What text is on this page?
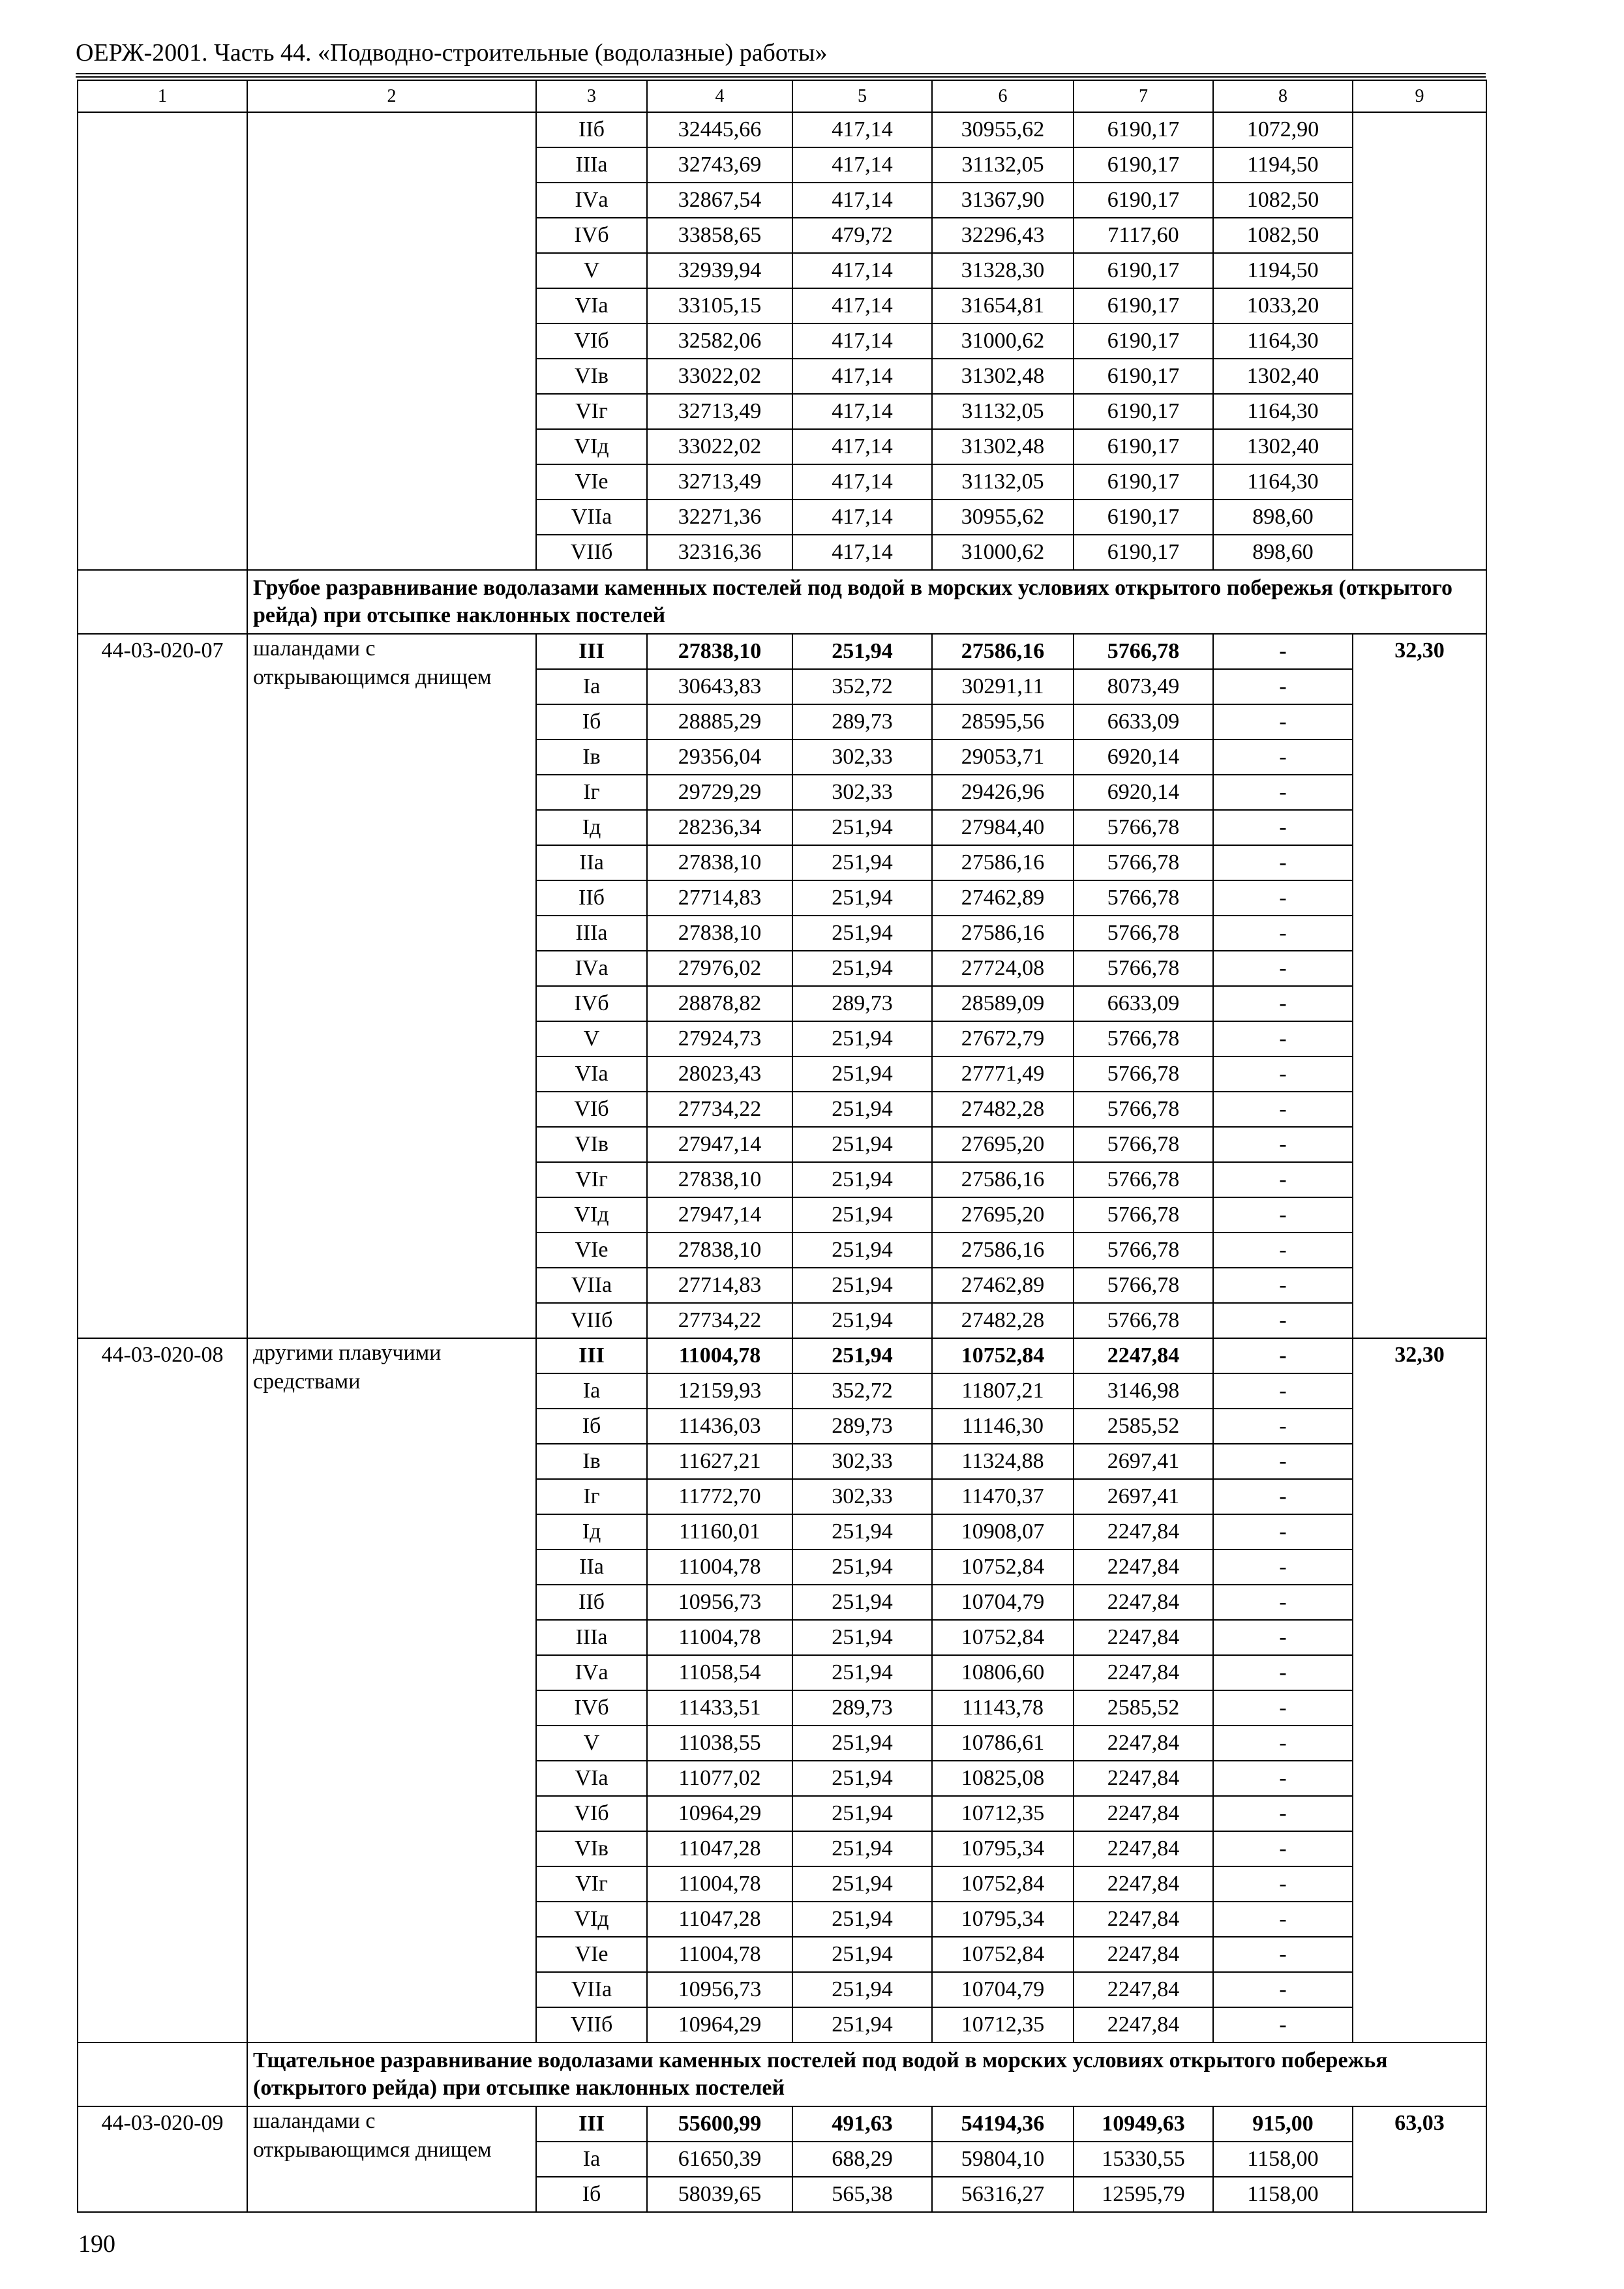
ОЕРЖ-2001. Часть 44. «Подводно-строительные (водолазные) работы»
1	2	3	4	5	6	7	8	9
		IIб	32445,66	417,14	30955,62	6190,17	1072,90	
		IIIа	32743,69	417,14	31132,05	6190,17	1194,50	
		IVа	32867,54	417,14	31367,90	6190,17	1082,50	
		IVб	33858,65	479,72	32296,43	7117,60	1082,50	
		V	32939,94	417,14	31328,30	6190,17	1194,50	
		VIа	33105,15	417,14	31654,81	6190,17	1033,20	
		VIб	32582,06	417,14	31000,62	6190,17	1164,30	
		VIв	33022,02	417,14	31302,48	6190,17	1302,40	
		VIг	32713,49	417,14	31132,05	6190,17	1164,30	
		VIд	33022,02	417,14	31302,48	6190,17	1302,40	
		VIе	32713,49	417,14	31132,05	6190,17	1164,30	
		VIIа	32271,36	417,14	30955,62	6190,17	898,60	
		VIIб	32316,36	417,14	31000,62	6190,17	898,60	
	Грубое разравнивание водолазами каменных постелей под водой в морских условиях открытого побережья (открытого рейда) при отсыпке наклонных постелей							
44-03-020-07	шаландами с открывающимся днищем	III	27838,10	251,94	27586,16	5766,78	-	32,30
		Iа	30643,83	352,72	30291,11	8073,49	-	
		Iб	28885,29	289,73	28595,56	6633,09	-	
		Iв	29356,04	302,33	29053,71	6920,14	-	
		Iг	29729,29	302,33	29426,96	6920,14	-	
		Iд	28236,34	251,94	27984,40	5766,78	-	
		IIа	27838,10	251,94	27586,16	5766,78	-	
		IIб	27714,83	251,94	27462,89	5766,78	-	
		IIIа	27838,10	251,94	27586,16	5766,78	-	
		IVа	27976,02	251,94	27724,08	5766,78	-	
		IVб	28878,82	289,73	28589,09	6633,09	-	
		V	27924,73	251,94	27672,79	5766,78	-	
		VIа	28023,43	251,94	27771,49	5766,78	-	
		VIб	27734,22	251,94	27482,28	5766,78	-	
		VIв	27947,14	251,94	27695,20	5766,78	-	
		VIг	27838,10	251,94	27586,16	5766,78	-	
		VIд	27947,14	251,94	27695,20	5766,78	-	
		VIе	27838,10	251,94	27586,16	5766,78	-	
		VIIа	27714,83	251,94	27462,89	5766,78	-	
		VIIб	27734,22	251,94	27482,28	5766,78	-	
44-03-020-08	другими плавучими средствами	III	11004,78	251,94	10752,84	2247,84	-	32,30
		Iа	12159,93	352,72	11807,21	3146,98	-	
		Iб	11436,03	289,73	11146,30	2585,52	-	
		Iв	11627,21	302,33	11324,88	2697,41	-	
		Iг	11772,70	302,33	11470,37	2697,41	-	
		Iд	11160,01	251,94	10908,07	2247,84	-	
		IIа	11004,78	251,94	10752,84	2247,84	-	
		IIб	10956,73	251,94	10704,79	2247,84	-	
		IIIа	11004,78	251,94	10752,84	2247,84	-	
		IVа	11058,54	251,94	10806,60	2247,84	-	
		IVб	11433,51	289,73	11143,78	2585,52	-	
		V	11038,55	251,94	10786,61	2247,84	-	
		VIа	11077,02	251,94	10825,08	2247,84	-	
		VIб	10964,29	251,94	10712,35	2247,84	-	
		VIв	11047,28	251,94	10795,34	2247,84	-	
		VIг	11004,78	251,94	10752,84	2247,84	-	
		VIд	11047,28	251,94	10795,34	2247,84	-	
		VIе	11004,78	251,94	10752,84	2247,84	-	
		VIIа	10956,73	251,94	10704,79	2247,84	-	
		VIIб	10964,29	251,94	10712,35	2247,84	-	
	Тщательное разравнивание водолазами каменных постелей под водой в морских условиях открытого побережья (открытого рейда) при отсыпке наклонных постелей							
44-03-020-09	шаландами с открывающимся днищем	III	55600,99	491,63	54194,36	10949,63	915,00	63,03
		Iа	61650,39	688,29	59804,10	15330,55	1158,00	
		Iб	58039,65	565,38	56316,27	12595,79	1158,00	
190
